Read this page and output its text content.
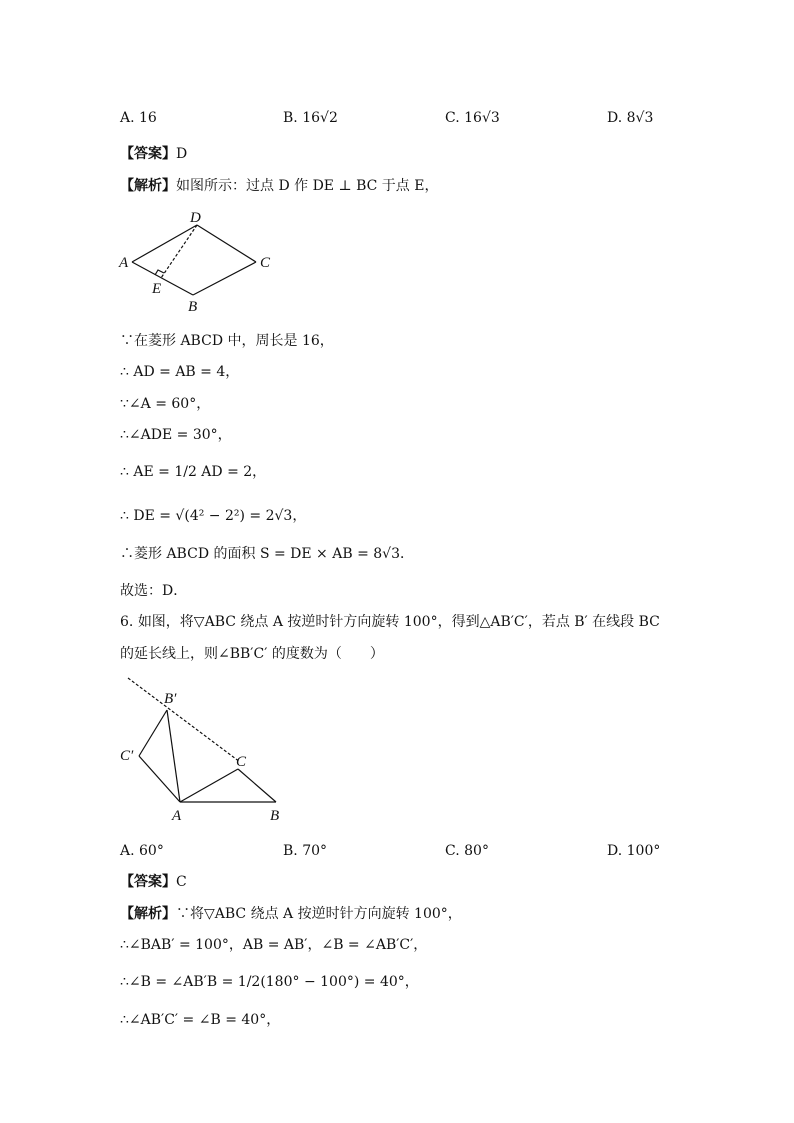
A. 16	B. 16√2	C. 16√3	D. 8√3
【答案】D
【解析】如图所示：过点 D 作 DE ⊥ BC 于点 E，
D
A	C
E
B
∵在菱形 ABCD 中，周长是 16，
∴ AD = AB = 4，
∵∠A = 60°，
∴∠ADE = 30°，
∴ AE = 1/2 AD = 2，
∴ DE = √(4² − 2²) = 2√3，
∴菱形 ABCD 的面积 S = DE × AB = 8√3．
故选：D．
6. 如图，将▽ABC 绕点 A 按逆时针方向旋转 100°，得到△AB′C′，若点 B′ 在线段 BC
的延长线上，则∠BB′C′ 的度数为（　　）
B′
C′	C
A	B
A. 60°	B. 70°	C. 80°	D. 100°
【答案】C
【解析】∵将▽ABC 绕点 A 按逆时针方向旋转 100°，
∴∠BAB′ = 100°，AB = AB′，∠B = ∠AB′C′，
∴∠B = ∠AB′B = 1/2(180° − 100°) = 40°，
∴∠AB′C′ = ∠B = 40°，
